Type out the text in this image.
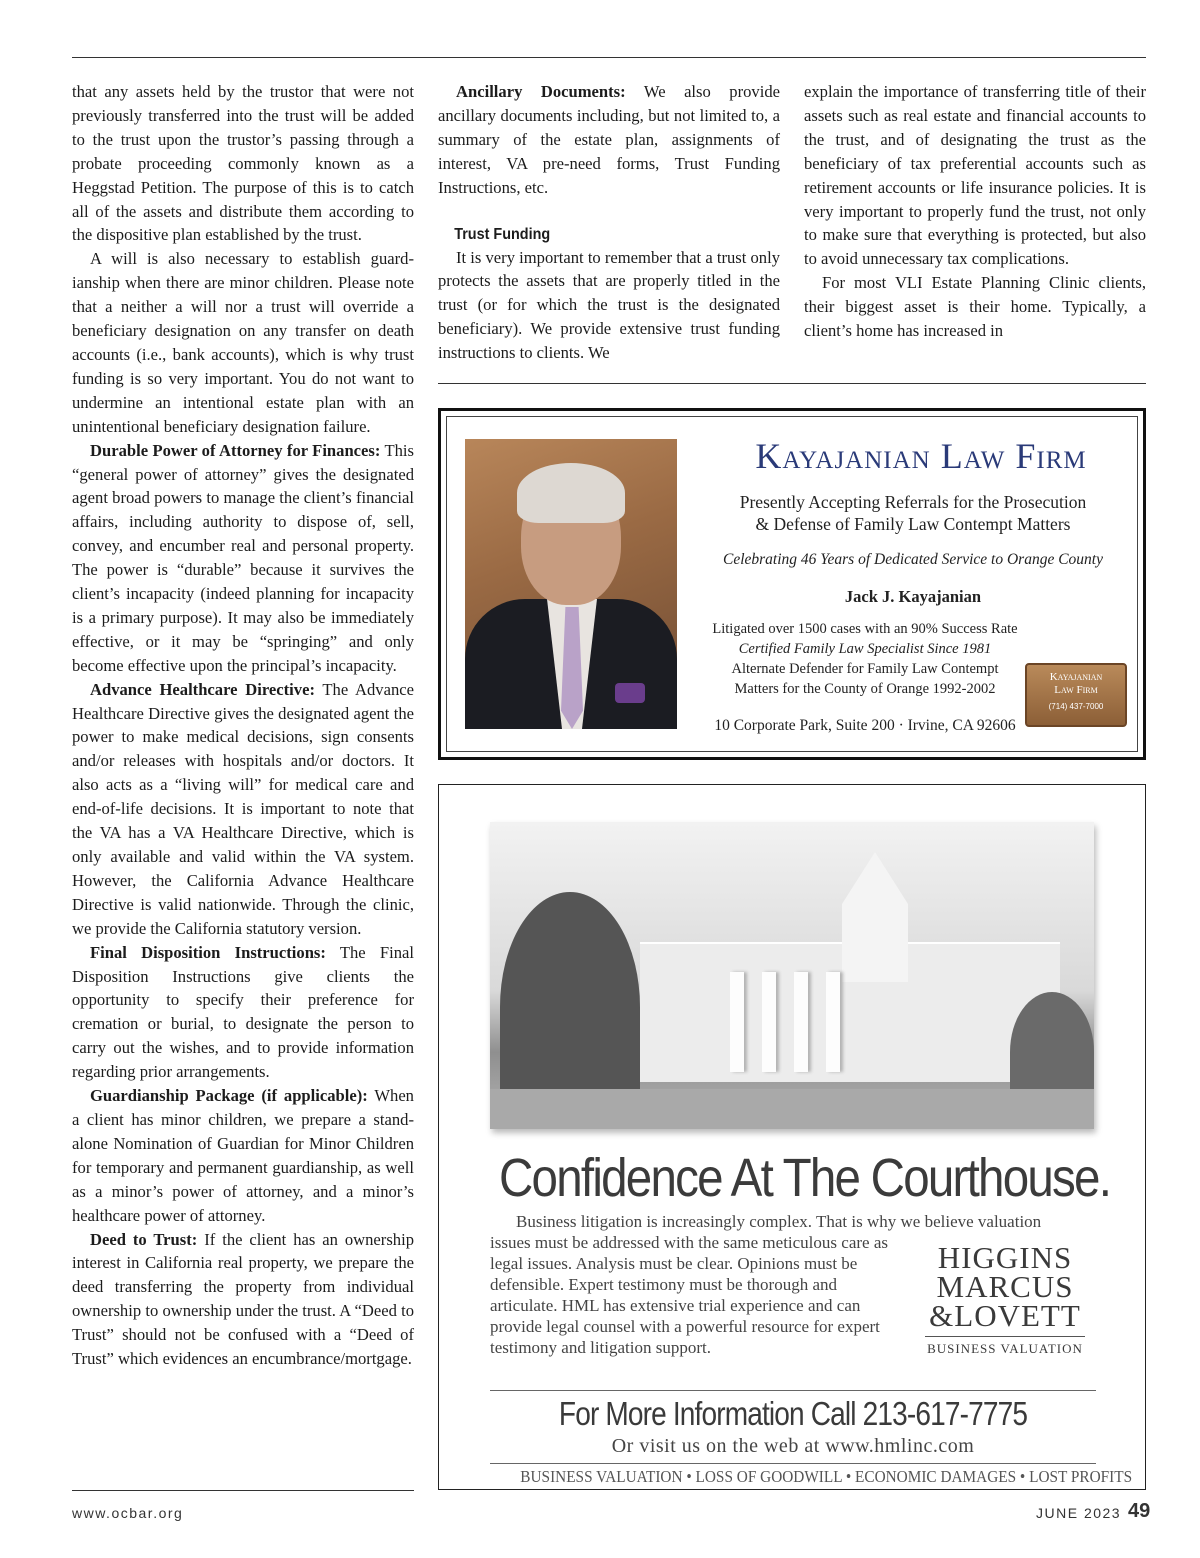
that any assets held by the trustor that were not previously transferred into the trust will be added to the trust upon the trustor’s passing through a probate proceeding commonly known as a Heggstad Petition. The purpose of this is to catch all of the assets and distribute them according to the dispositive plan established by the trust.

A will is also necessary to establish guardianship when there are minor children. Please note that a neither a will nor a trust will override a beneficiary designation on any transfer on death accounts (i.e., bank accounts), which is why trust funding is so very important. You do not want to undermine an intentional estate plan with an unintentional beneficiary designation failure.

Durable Power of Attorney for Finances: This “general power of attorney” gives the designated agent broad powers to manage the client’s financial affairs, including authority to dispose of, sell, convey, and encumber real and personal property. The power is “durable” because it survives the client’s incapacity (indeed planning for incapacity is a primary purpose). It may also be immediately effective, or it may be “springing” and only become effective upon the principal’s incapacity.

Advance Healthcare Directive: The Advance Healthcare Directive gives the designated agent the power to make medical decisions, sign consents and/or releases with hospitals and/or doctors. It also acts as a “living will” for medical care and end-of-life decisions. It is important to note that the VA has a VA Healthcare Directive, which is only available and valid within the VA system. However, the California Advance Healthcare Directive is valid nationwide. Through the clinic, we provide the California statutory version.

Final Disposition Instructions: The Final Disposition Instructions give clients the opportunity to specify their preference for cremation or burial, to designate the person to carry out the wishes, and to provide information regarding prior arrangements.

Guardianship Package (if applicable): When a client has minor children, we prepare a stand-alone Nomination of Guardian for Minor Children for temporary and permanent guardianship, as well as a minor’s power of attorney, and a minor’s healthcare power of attorney.

Deed to Trust: If the client has an ownership interest in California real property, we prepare the deed transferring the property from individual ownership to ownership under the trust. A “Deed to Trust” should not be confused with a “Deed of Trust” which evidences an encumbrance/mortgage.

Ancillary Documents: We also provide ancillary documents including, but not limited to, a summary of the estate plan, assignments of interest, VA pre-need forms, Trust Funding Instructions, etc.

Trust Funding

It is very important to remember that a trust only protects the assets that are properly titled in the trust (or for which the trust is the designated beneficiary). We provide extensive trust funding instructions to clients. We

explain the importance of transferring title of their assets such as real estate and financial accounts to the trust, and of designating the trust as the beneficiary of tax preferential accounts such as retirement accounts or life insurance policies. It is very important to properly fund the trust, not only to make sure that everything is protected, but also to avoid unnecessary tax complications.

For most VLI Estate Planning Clinic clients, their biggest asset is their home. Typically, a client’s home has increased in

Kayajanian Law Firm
Presently Accepting Referrals for the Prosecution
& Defense of Family Law Contempt Matters
Celebrating 46 Years of Dedicated Service to Orange County
Jack J. Kayajanian
Litigated over 1500 cases with an 90% Success Rate
Certified Family Law Specialist Since 1981
Alternate Defender for Family Law Contempt
Matters for the County of Orange 1992-2002
10 Corporate Park, Suite 200 · Irvine, CA 92606
Kayajanian
Law Firm
(714) 437-7000
Confidence At The Courthouse.
Business litigation is increasingly complex. That is why we believe valuation
issues must be addressed with the same meticulous care as legal issues. Analysis must be clear. Opinions must be defensible. Expert testimony must be thorough and articulate. HML has extensive trial experience and can provide legal counsel with a powerful resource for expert testimony and litigation support.
HIGGINS
MARCUS
&LOVETT
BUSINESS VALUATION
For More Information Call 213-617-7775
Or visit us on the web at www.hmlinc.com
BUSINESS VALUATION • LOSS OF GOODWILL • ECONOMIC DAMAGES • LOST PROFITS
www.ocbar.org	JUNE 2023 49
